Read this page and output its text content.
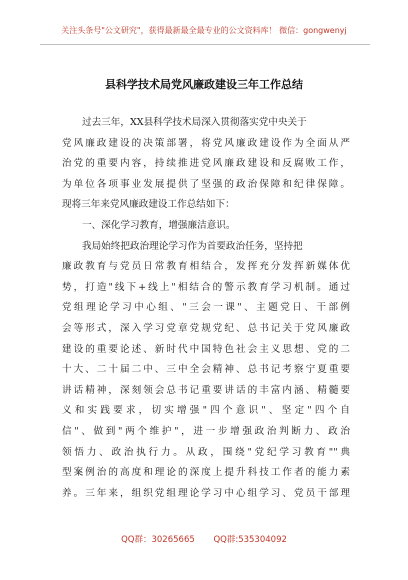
关注头条号"公文研究"，获得最新最全最专业的公文资料库！ 微信：gongwenyj
县科学技术局党风廉政建设三年工作总结
过去三年，XX县科学技术局深入贯彻落实党中央关于
党风廉政建设的决策部署，将党风廉政建设作为全面从严
治党的重要内容，持续推进党风廉政建设和反腐败工作，
为单位各项事业发展提供了坚强的政治保障和纪律保障。
现将三年来党风廉政建设工作总结如下：
一、深化学习教育，增强廉洁意识。
我局始终把政治理论学习作为首要政治任务，坚持把
廉政教育与党员日常教育相结合，发挥充分发挥新媒体优
势，打造"线下+线上"相结合的警示教育学习机制。通过
党组理论学习中心组、"三会一课"、主题党日、干部例
会等形式，深入学习党章党规党纪、总书记关于党风廉政
建设的重要论述、新时代中国特色社会主义思想、党的二
十大、二十届二中、三中全会精神、总书记考察宁夏重要
讲话精神，深刻领会总书记重要讲话的丰富内涵、精髓要
义和实践要求，切实增强"四个意识"、坚定"四个自
信"、做到"两个维护"，进一步增强政治判断力、政治
领悟力、政治执行力。从政，围绕"党纪学习教育""典
型案例治的高度和理论的深度上提升科技工作者的能力素
养。三年来，组织党组理论学习中心组学习、党员干部理
QQ群：30265665 QQ群:535304092
